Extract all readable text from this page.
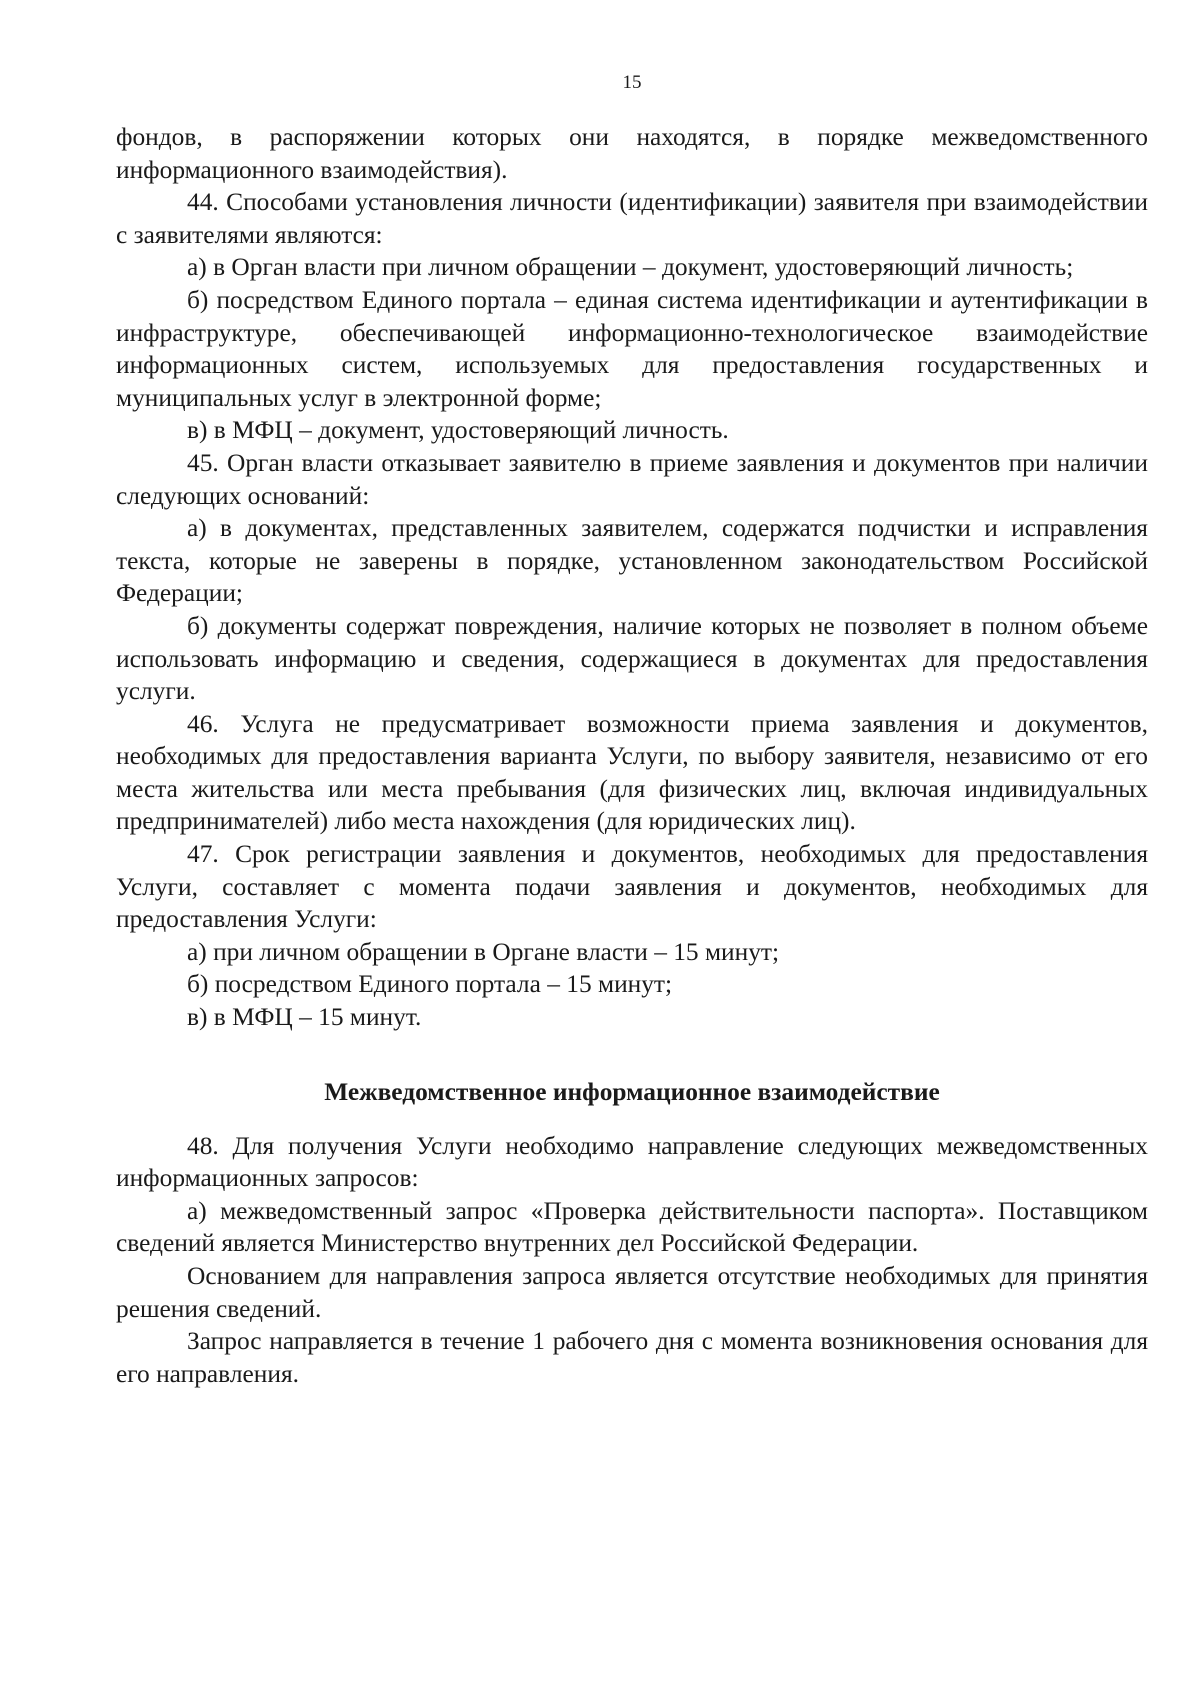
15

фондов, в распоряжении которых они находятся, в порядке межведомственного информационного взаимодействия).

44. Способами установления личности (идентификации) заявителя при взаимодействии с заявителями являются:

а) в Орган власти при личном обращении – документ, удостоверяющий личность;

б) посредством Единого портала – единая система идентификации и аутентификации в инфраструктуре, обеспечивающей информационно-технологическое взаимодействие информационных систем, используемых для предоставления государственных и муниципальных услуг в электронной форме;

в) в МФЦ – документ, удостоверяющий личность.

45. Орган власти отказывает заявителю в приеме заявления и документов при наличии следующих оснований:

а) в документах, представленных заявителем, содержатся подчистки и исправления текста, которые не заверены в порядке, установленном законодательством Российской Федерации;

б) документы содержат повреждения, наличие которых не позволяет в полном объеме использовать информацию и сведения, содержащиеся в документах для предоставления услуги.

46. Услуга не предусматривает возможности приема заявления и документов, необходимых для предоставления варианта Услуги, по выбору заявителя, независимо от его места жительства или места пребывания (для физических лиц, включая индивидуальных предпринимателей) либо места нахождения (для юридических лиц).

47. Срок регистрации заявления и документов, необходимых для предоставления Услуги, составляет с момента подачи заявления и документов, необходимых для предоставления Услуги:

а) при личном обращении в Органе власти – 15 минут;

б) посредством Единого портала – 15 минут;

в) в МФЦ – 15 минут.

Межведомственное информационное взаимодействие

48. Для получения Услуги необходимо направление следующих межведомственных информационных запросов:

а) межведомственный запрос «Проверка действительности паспорта». Поставщиком сведений является Министерство внутренних дел Российской Федерации.

Основанием для направления запроса является отсутствие необходимых для принятия решения сведений.

Запрос направляется в течение 1 рабочего дня с момента возникновения основания для его направления.
